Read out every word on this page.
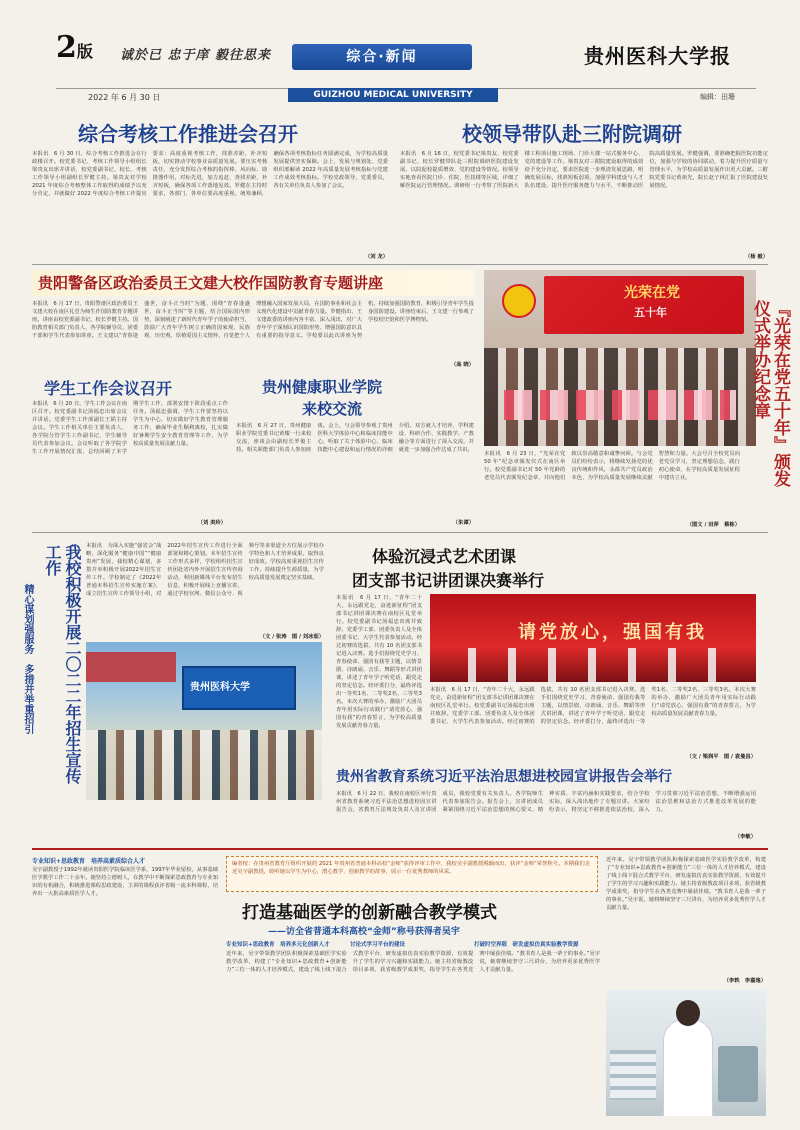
2版 诚於已 忠于庠 毅往思来	综合·新闻	贵州医科大学报
2022 年 6 月 30 日	GUIZHOU MEDICAL UNIVERSITY	编辑：田珊
综合考核工作推进会召开
本报讯　6 月 30 日，综合考核工作推进会在行政楼召开。校党委书记、考核工作领导小组组长梁贵友出席并讲话，校党委副书记、校长、考核工作领导小组副组长罗健主持。梁贵友对学校 2021 年度综合考核整体工作取得的成绩予以充分肯定，并就做好 2022 年度综合考核工作提出要求：高度重视考核工作，找准差距，补齐短板，切实推动学校事业高质量发展。要压实考核责任，充分发挥综合考核的指挥棒、风向标、助推器作用，对标先进，加力追赶，查找差距，补齐短板，确保各项工作落地见效。罗健在主持时要求，各部门、各单位要高度重视，统筹兼顾，确保各项考核指标任务圆满完成，为学校高质量发展提供坚实保障。会上，发展与规划处、党委组织部解读 2022 年高质量发展考核指标与党建工作成效考核指标。学校党政领导，党委委员，各有关单位负责人参加了会议。
（刘 龙）
校领导带队赴三附院调研
本报讯　6 月 16 日，校党委书记梁贵友、校党委副书记、校长罗健带队赴三附院调研医院建设发展、以院促校提质增效、党的建设等情况。校领导实地查看医院门诊、住院、医技楼等区域，详细了解医院运行管理情况。调研组一行考察了医院新大楼工程项目施工现场、门诊大楼一站式服务中心、党的建设等工作。梁贵友对三附院建设取得的成效给予充分肯定，要求医院进一步理清发展思路，明确发展目标，找准短板弱项，加强学科建设与人才队伍建设，提升医疗服务能力与水平，不断推动医院高质量发展。罗健强调，要准确把握医院功能定位，加强与学校的协同联动，着力提升医疗质量与管理水平，为学校高质量发展作出更大贡献。三附院党委书记黄祖光，院长赵子林汇报了医院建设发展情况。
（杨 毅）
贵阳警备区政治委员王文建大校作国防教育专题讲座
本报讯　6 月 17 日，贵阳警备区政治委员王文建大校在南区礼堂为师生作国防教育专题讲座。讲座由校党委副书记、校长罗健主持。国防教育相关部门负责人、各学院辅导员、团委干部和学生代表参加讲座。王文建以“青春逢盛世，奋斗正当时”为题，围绕“青春逢盛世，奋斗正当时”等主题，结合国际国内形势，深刻阐述了新时代青年学子的使命担当，鼓励广大青年学生树立正确的国家观、民族观、历史观，厚植爱国主义情怀，自觉把个人理想融入国家发展大局，在国防事业和社会主义现代化建设中贡献青春力量。罗健指出，王文建政委的讲座内容丰富、深入浅出，对广大青年学子深刻认识国防形势、增强国防意识具有重要的指导意义。学校要以此次讲座为契机，持续加强国防教育，积极引导青年学生投身国防建设。讲座结束后，王文建一行参观了学校校史馆和医学博物馆。
（高 晓）
光荣在党
五十年	『光荣在党五十年』颁发仪式举办纪念章
本报讯　6 月 23 日，“光荣在党 50 年”纪念章颁发仪式在南区举行。校党委副书记对 50 年党龄的老党员代表颁发纪念章，并向他们致以崇高敬意和诚挚问候。与会党员们纷纷表示，将继续发扬党的优良传统和作风，永葆共产党员政治本色，为学校高质量发展继续贡献智慧和力量。大会号召全校党员向老党员学习，坚定理想信念，践行初心使命，在学校高质量发展征程中建功立业。
（图文 / 田萍　蔡栋）
学生工作会议召开
本报讯　6 月 20 日，学生工作会议在南区召开。校党委副书记汤福忠出席会议并讲话。党委学生工作部副长王韬主持会议。学生工作相关单位主要负责人、各学院分管学生工作副书记、学生辅导员代表参加会议。会议听取了各学院学生工作开展情况汇报，总结回顾了本学期学生工作，部署安排下阶段重点工作任务。汤福忠强调，学生工作要坚持以学生为中心，切实做好学生教育管理服务工作，确保毕业生顺利离校，扎实做好暑期学生安全教育管理等工作，为学校高质量发展贡献力量。
（刘 美玲）
贵州健康职业学院
来校交流
本报讯　6 月 27 日，贵州健康职业学院党委书记黄耀一行来校交流，座谈会由副校长罗俊主持。相关职能部门负责人参加座谈。会上，与会领导参观了贵州医科大学体验中心和临床技能中心，听取了关于体验中心、临床技能中心建设和运行情况的详细介绍。双方就人才培养、学科建设、科研合作、实践教学、产教融合等方面进行了深入交流，并就进一步加强合作达成了共识。
（朱谭）
我校积极开展二〇二二年招生宣传工作
精心谋划强服务　多措并举重招引
本报讯　为深入实施“强省会”战略，深化服务“健康中国”“健康贵州”发展，我校精心谋划，多措并举积极开展2022年招生宣传工作。学校制定了《2022年普通本科招生宣传实施方案》，成立招生宣传工作领导小组，对2022年招生宣传工作进行全面部署和精心策划。本年招生宣传工作形式多样，学校组织招生宣传团赴省内外开展招生宣传咨询活动，利用新媒体平台发布招生信息，积极开展线上直播宣讲，通过学校官网、微信公众号、视频号等多渠道全方位展示学校办学特色和人才培养成果，取得良好成效。学校高度重视招生宣传工作，持续提升生源质量，为学校高质量发展奠定坚实基础。
（文 / 张涛　图 / 刘冰茹）
贵州医科大学
体验沉浸式艺术团课
团支部书记讲团课决赛举行
本报讯　6 月 17 日，“青年二十大，永远跟党走，奋进新征程”团支部书记讲团课决赛在南校区礼堂举行。校党委副书记汤福忠出席并致辞。党委学工部、团委负责人及全体团委书记、大学生代表参加活动。经过初赛的选拔，共有 10 名团支部书记进入决赛。选手们围绕党史学习、青春使命、强国有我等主题，以情景剧、诗朗诵、音乐、舞蹈等形式讲团课，讲述了青年学子听党话、跟党走的坚定信念。经评委打分，最终评选出一等奖1名、二等奖2名、三等奖3名。本次大赛的举办，激励广大团员青年用实际行动践行“请党放心，强国有我”的青春誓言，为学校高质量发展贡献青春力量。
请党放心，强国有我
本报讯　6 月 17 日，“青年二十大，永远跟党走，奋进新征程”团支部书记讲团课决赛在南校区礼堂举行。校党委副书记汤福忠出席并致辞。党委学工部、团委负责人及全体团委书记、大学生代表参加活动。经过初赛的选拔，共有 10 名团支部书记进入决赛。选手们围绕党史学习、青春使命、强国有我等主题，以情景剧、诗朗诵、音乐、舞蹈等形式讲团课，讲述了青年学子听党话、跟党走的坚定信念。经评委打分，最终评选出一等奖1名、二等奖2名、三等奖3名。本次大赛的举办，激励广大团员青年用实际行动践行“请党放心，强国有我”的青春誓言，为学校高质量发展贡献青春力量。
（文 / 梁润平　图 / 袁曼昌）
贵州省教育系统习近平法治思想进校园宣讲报告会举行
本报讯　6 月 22 日，我校在南校区举行贵州省教育系统习近平法治思想进校园宣讲报告会，省教育厅法规处负责人及宣讲团成员，我校党委有关负责人、各学院师生代表参加报告会。报告会上，宣讲团成员紧紧围绕习近平法治思想的核心要义、精神实质、丰富内涵和实践要求，结合学校实际，深入浅出地作了专题宣讲。大家纷纷表示，将坚定不移推进依法治校，深入学习贯彻习近平法治思想，不断增强运用法治思维和法治方式推进改革发展的能力。
（李敏）
专业知识+思政教育　培养高素质综合人才
吴宇副教授于1992年就读贵阳医学院临床医学系，1997年毕业留校，从事基础医学教学工作二十余年。她坚持立德树人，在教学中不断探索思政教育与专业知识的有机融合，积极推进课程思政建设，主讲的课程获评省级一流本科课程，培养出一大批高素质医学人才。
编者按：在贵州省教育厅组织开展的 2021 年贵州省普通本科高校“金师”获得评审工作中，我校吴宇副教授脱颖而出，获评“金师”荣誉称号。本期我们走近吴宇副教授，聆听她以学生为中心，潜心教学、创新教学的故事，展示一位优秀教师的风采。
打造基础医学的创新融合教学模式
——访全省普通本科高校“金师”称号获得者吴宇
专业知识+思政教育　培养多元化创新人才	讨论式学习平台的建设	打破时空界限　研发虚拟仿真实验教学资源
近年来，吴宇带领教学团队积极探索基础医学实验教学改革，构建了“专业知识+思政教育+创新能力”三位一体的人才培养模式，建设了线上线下混合式教学平台，研发虚拟仿真实验教学资源，有效提升了学生的学习兴趣和实践能力。她主持省级教改项目多项，获省级教学成果奖，指导学生在各类竞赛中屡获佳绩。“教书育人是我一辈子的事业。”吴宇说，她将继续坚守三尺讲台，为培养更多优秀医学人才贡献力量。
近年来，吴宇带领教学团队积极探索基础医学实验教学改革，构建了“专业知识+思政教育+创新能力”三位一体的人才培养模式，建设了线上线下混合式教学平台，研发虚拟仿真实验教学资源，有效提升了学生的学习兴趣和实践能力。她主持省级教改项目多项，获省级教学成果奖，指导学生在各类竞赛中屡获佳绩。“教书育人是我一辈子的事业。”吴宇说，她将继续坚守三尺讲台，为培养更多优秀医学人才贡献力量。
（李轶　李嘉逸）
